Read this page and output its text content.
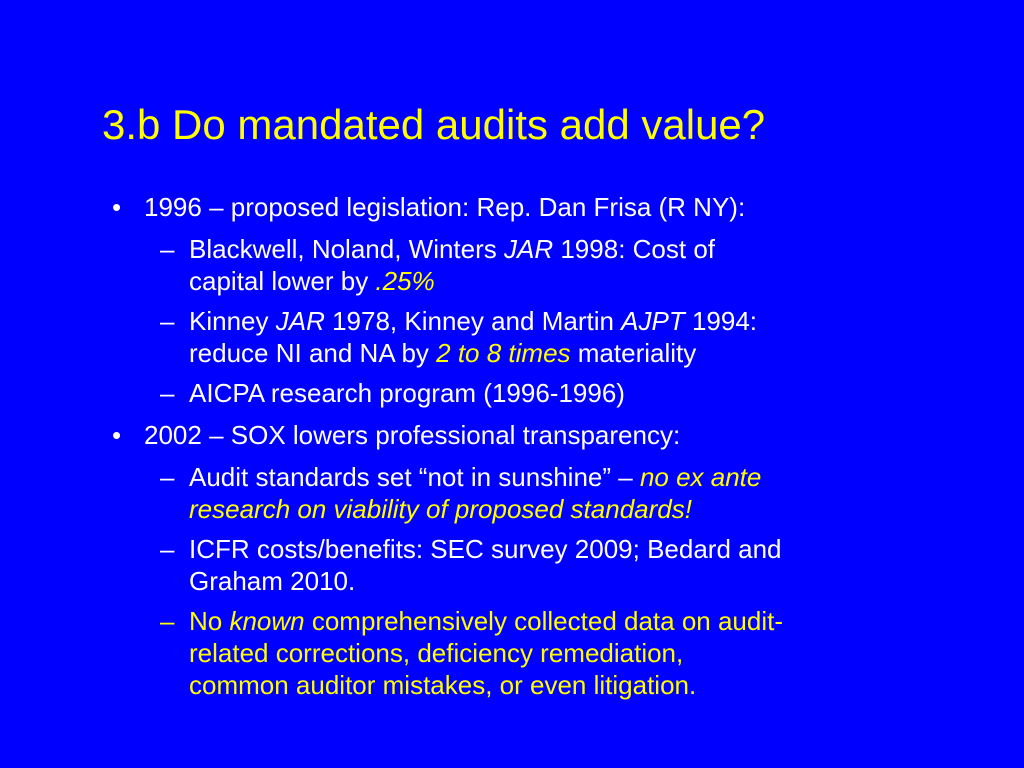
3.b Do mandated audits add value?
• 1996 – proposed legislation: Rep. Dan Frisa (R NY):
– Blackwell, Noland, Winters JAR 1998: Cost of
capital lower by .25%
– Kinney JAR 1978, Kinney and Martin AJPT 1994:
reduce NI and NA by 2 to 8 times materiality
– AICPA research program (1996-1996)
• 2002 – SOX lowers professional transparency:
– Audit standards set “not in sunshine” – no ex ante
research on viability of proposed standards!
– ICFR costs/benefits: SEC survey 2009; Bedard and
Graham 2010.
– No known comprehensively collected data on audit-
related corrections, deficiency remediation,
common auditor mistakes, or even litigation.
